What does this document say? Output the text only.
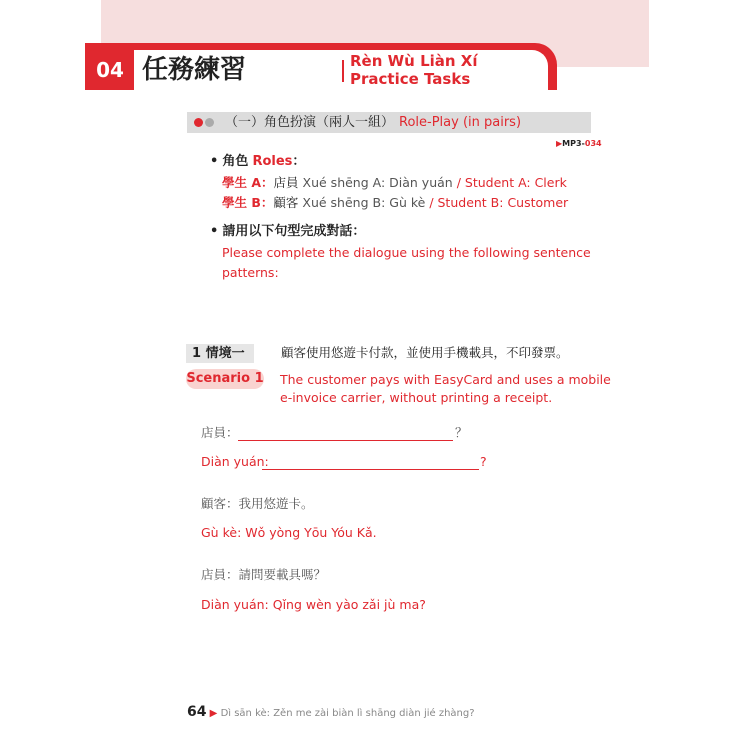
04 任務練習	Rèn Wù Liàn Xí
Practice Tasks
（一）角色扮演（兩人一組） Role-Play (in pairs)
▶MP3-034
• 角色 Roles：
學生 A：店員 Xué shēng A: Diàn yuán / Student A: Clerk
學生 B：顧客 Xué shēng B: Gù kè / Student B: Customer
• 請用以下句型完成對話：
Please complete the dialogue using the following sentence
patterns:
1 情境一	顧客使用悠遊卡付款，並使用手機載具，不印發票。
Scenario 1 The customer pays with EasyCard and uses a mobile
e-invoice carrier, without printing a receipt.
店員：	？
Diàn yuán:	?
顧客：我用悠遊卡。
Gù kè: Wǒ yòng Yōu Yóu Kǎ.
店員：請問要載具嗎？
Diàn yuán: Qǐng wèn yào zǎi jù ma?
64 ▶ Dì sān kè: Zěn me zài biàn lì shāng diàn jié zhàng?
